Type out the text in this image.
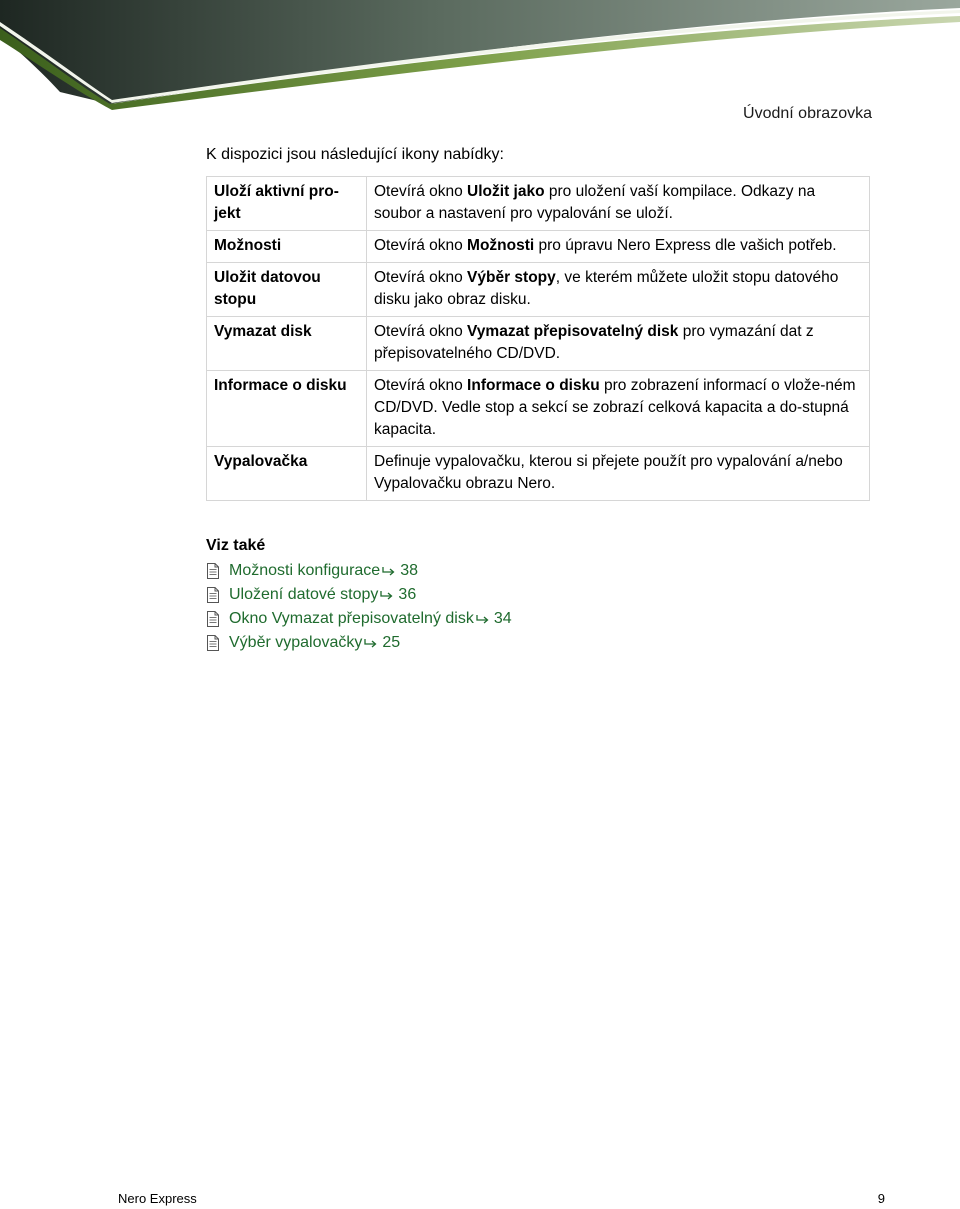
Úvodní obrazovka
K dispozici jsou následující ikony nabídky:
Uloží aktivní pro-jekt	Otevírá okno Uložit jako pro uložení vaší kompilace. Odkazy na soubor a nastavení pro vypalování se uloží.
Možnosti	Otevírá okno Možnosti pro úpravu Nero Express dle vašich potřeb.
Uložit datovou stopu	Otevírá okno Výběr stopy, ve kterém můžete uložit stopu datového disku jako obraz disku.
Vymazat disk	Otevírá okno Vymazat přepisovatelný disk pro vymazání dat z přepisovatelného CD/DVD.
Informace o disku	Otevírá okno Informace o disku pro zobrazení informací o vlože-ném CD/DVD. Vedle stop a sekcí se zobrazí celková kapacita a do-stupná kapacita.
Vypalovačka	Definuje vypalovačku, kterou si přejete použít pro vypalování a/nebo Vypalovačku obrazu Nero.
Viz také
Možnosti konfigurace 38
Uložení datové stopy 36
Okno Vymazat přepisovatelný disk 34
Výběr vypalovačky 25
Nero Express	9
